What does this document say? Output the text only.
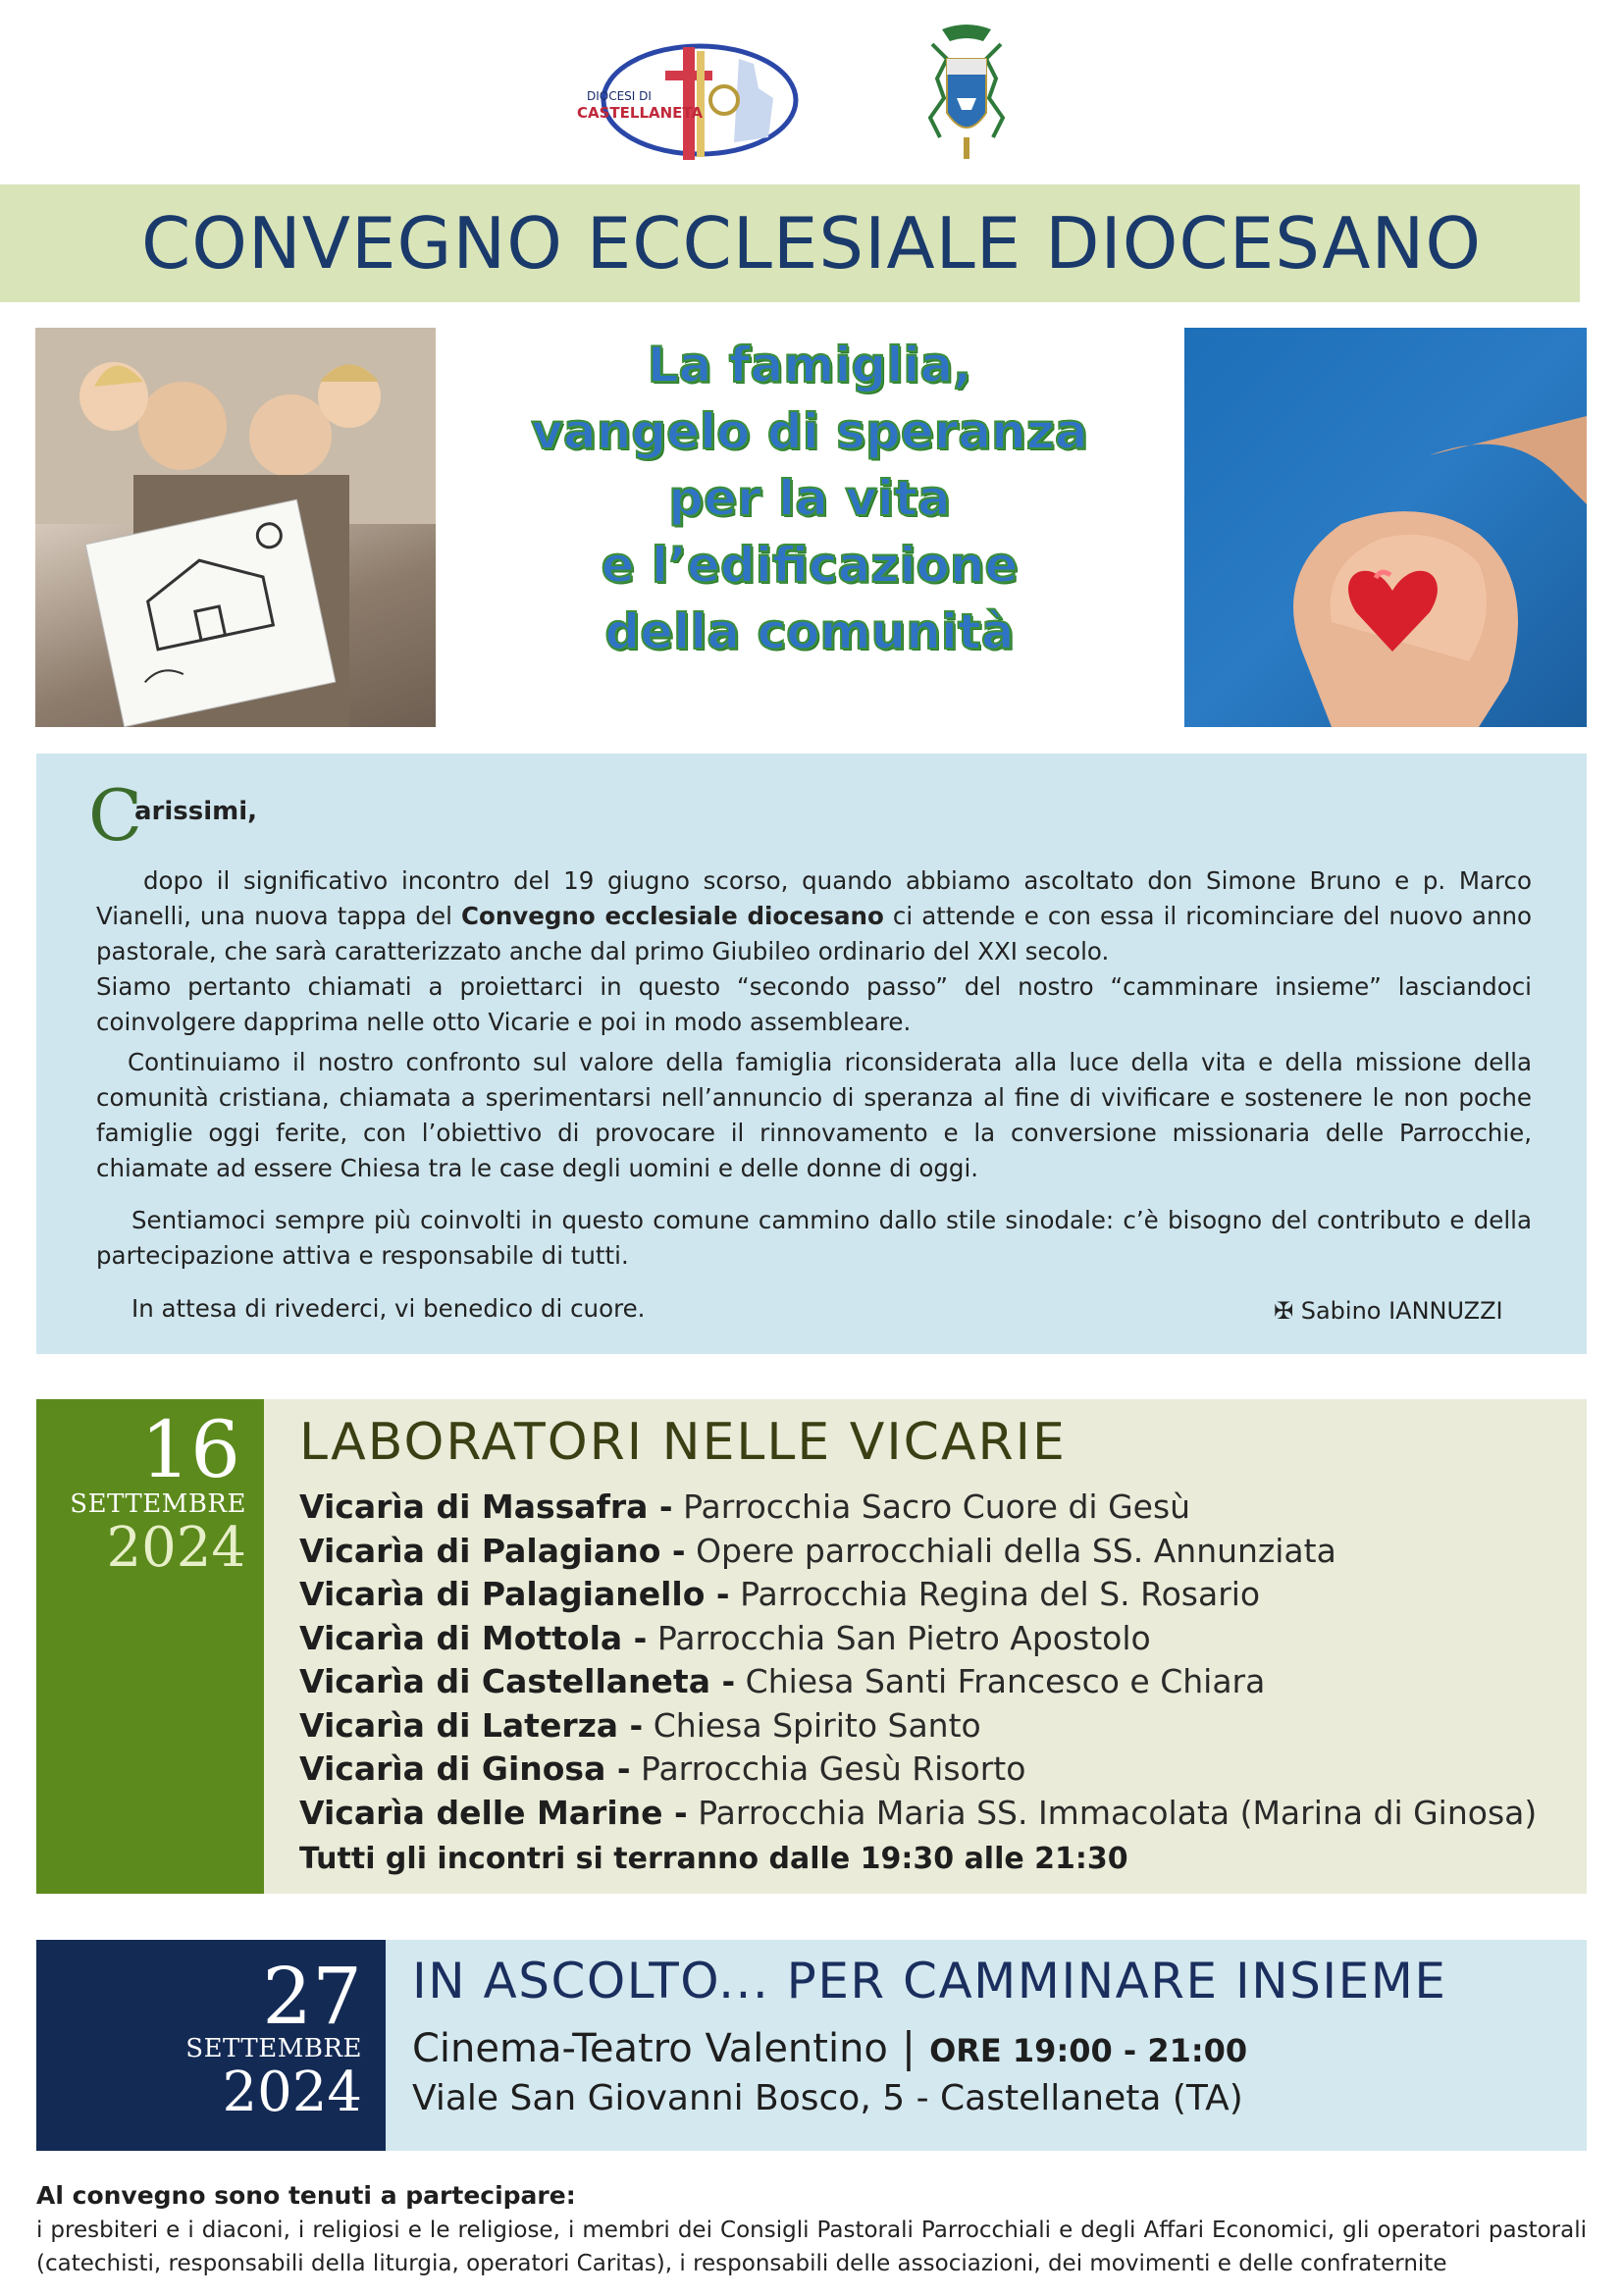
DIOCESI DI
CASTELLANETA
CONVEGNO ECCLESIALE DIOCESANO
La famiglia,
vangelo di speranza
per la vita
e l’edificazione
della comunità
C
arissimi,
dopo il significativo incontro del 19 giugno scorso, quando abbiamo ascoltato don Simone Bruno e p. Marco Vianelli, una nuova tappa del Convegno ecclesiale diocesano ci attende e con essa il ricominciare del nuovo anno pastorale, che sarà caratterizzato anche dal primo Giubileo ordinario del XXI secolo.
Siamo pertanto chiamati a proiettarci in questo “secondo passo” del nostro “camminare insieme” lasciandoci coinvolgere dapprima nelle otto Vicarie e poi in modo assembleare.
Continuiamo il nostro confronto sul valore della famiglia riconsiderata alla luce della vita e della missione della comunità cristiana, chiamata a sperimentarsi nell’annuncio di speranza al fine di vivificare e sostenere le non poche famiglie oggi ferite, con l’obiettivo di provocare il rinnovamento e la conversione missionaria delle Parrocchie, chiamate ad essere Chiesa tra le case degli uomini e delle donne di oggi.
Sentiamoci sempre più coinvolti in questo comune cammino dallo stile sinodale: c’è bisogno del contributo e della partecipazione attiva e responsabile di tutti.
In attesa di rivederci, vi benedico di cuore.	✠ Sabino IANNUZZI
16
SETTEMBRE
2024
LABORATORI NELLE VICARIE
Vicarìa di Massafra - Parrocchia Sacro Cuore di Gesù
Vicarìa di Palagiano - Opere parrocchiali della SS. Annunziata
Vicarìa di Palagianello - Parrocchia Regina del S. Rosario
Vicarìa di Mottola - Parrocchia San Pietro Apostolo
Vicarìa di Castellaneta - Chiesa Santi Francesco e Chiara
Vicarìa di Laterza - Chiesa Spirito Santo
Vicarìa di Ginosa - Parrocchia Gesù Risorto
Vicarìa delle Marine - Parrocchia Maria SS. Immacolata (Marina di Ginosa)
Tutti gli incontri si terranno dalle 19:30 alle 21:30
27
SETTEMBRE
2024
IN ASCOLTO... PER CAMMINARE INSIEME
Cinema-Teatro Valentino | ORE 19:00 - 21:00
Viale San Giovanni Bosco, 5 - Castellaneta (TA)
Al convegno sono tenuti a partecipare:
i presbiteri e i diaconi, i religiosi e le religiose, i membri dei Consigli Pastorali Parrocchiali e degli Affari Economici, gli operatori pastorali (catechisti, responsabili della liturgia, operatori Caritas), i responsabili delle associazioni, dei movimenti e delle confraternite
